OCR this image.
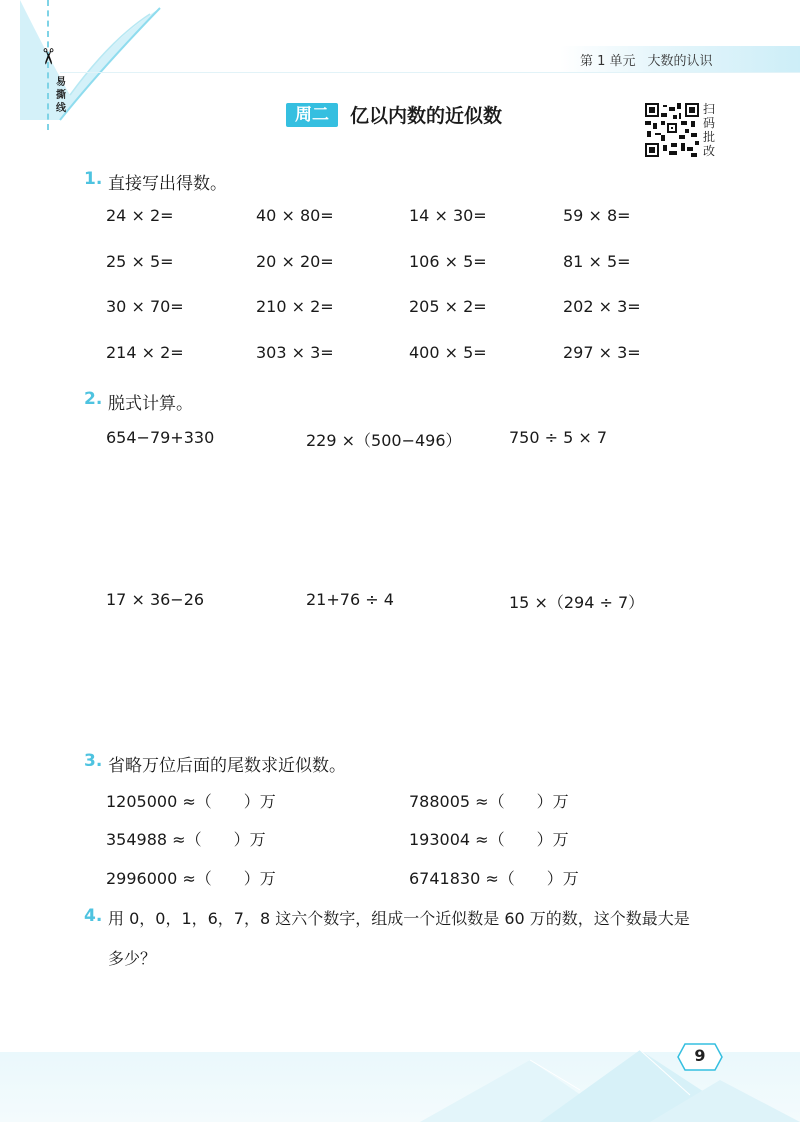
✂
易撕线
第 1 单元 大数的认识
周二	亿以内数的近似数	扫码批改
1. 直接写出得数。
24 × 2=	40 × 80=	14 × 30=	59 × 8=
25 × 5=	20 × 20=	106 × 5=	81 × 5=
30 × 70=	210 × 2=	205 × 2=	202 × 3=
214 × 2=	303 × 3=	400 × 5=	297 × 3=
2. 脱式计算。
654−79+330	229 ×（500−496）	750 ÷ 5 × 7
17 × 36−26	21+76 ÷ 4	15 ×（294 ÷ 7）
3. 省略万位后面的尾数求近似数。
1205000 ≈（　　）万	788005 ≈（　　）万
354988 ≈（　　）万	193004 ≈（　　）万
2996000 ≈（　　）万	6741830 ≈（　　）万
4. 用 0，0，1，6，7，8 这六个数字，组成一个近似数是 60 万的数，这个数最大是
多少？
9
